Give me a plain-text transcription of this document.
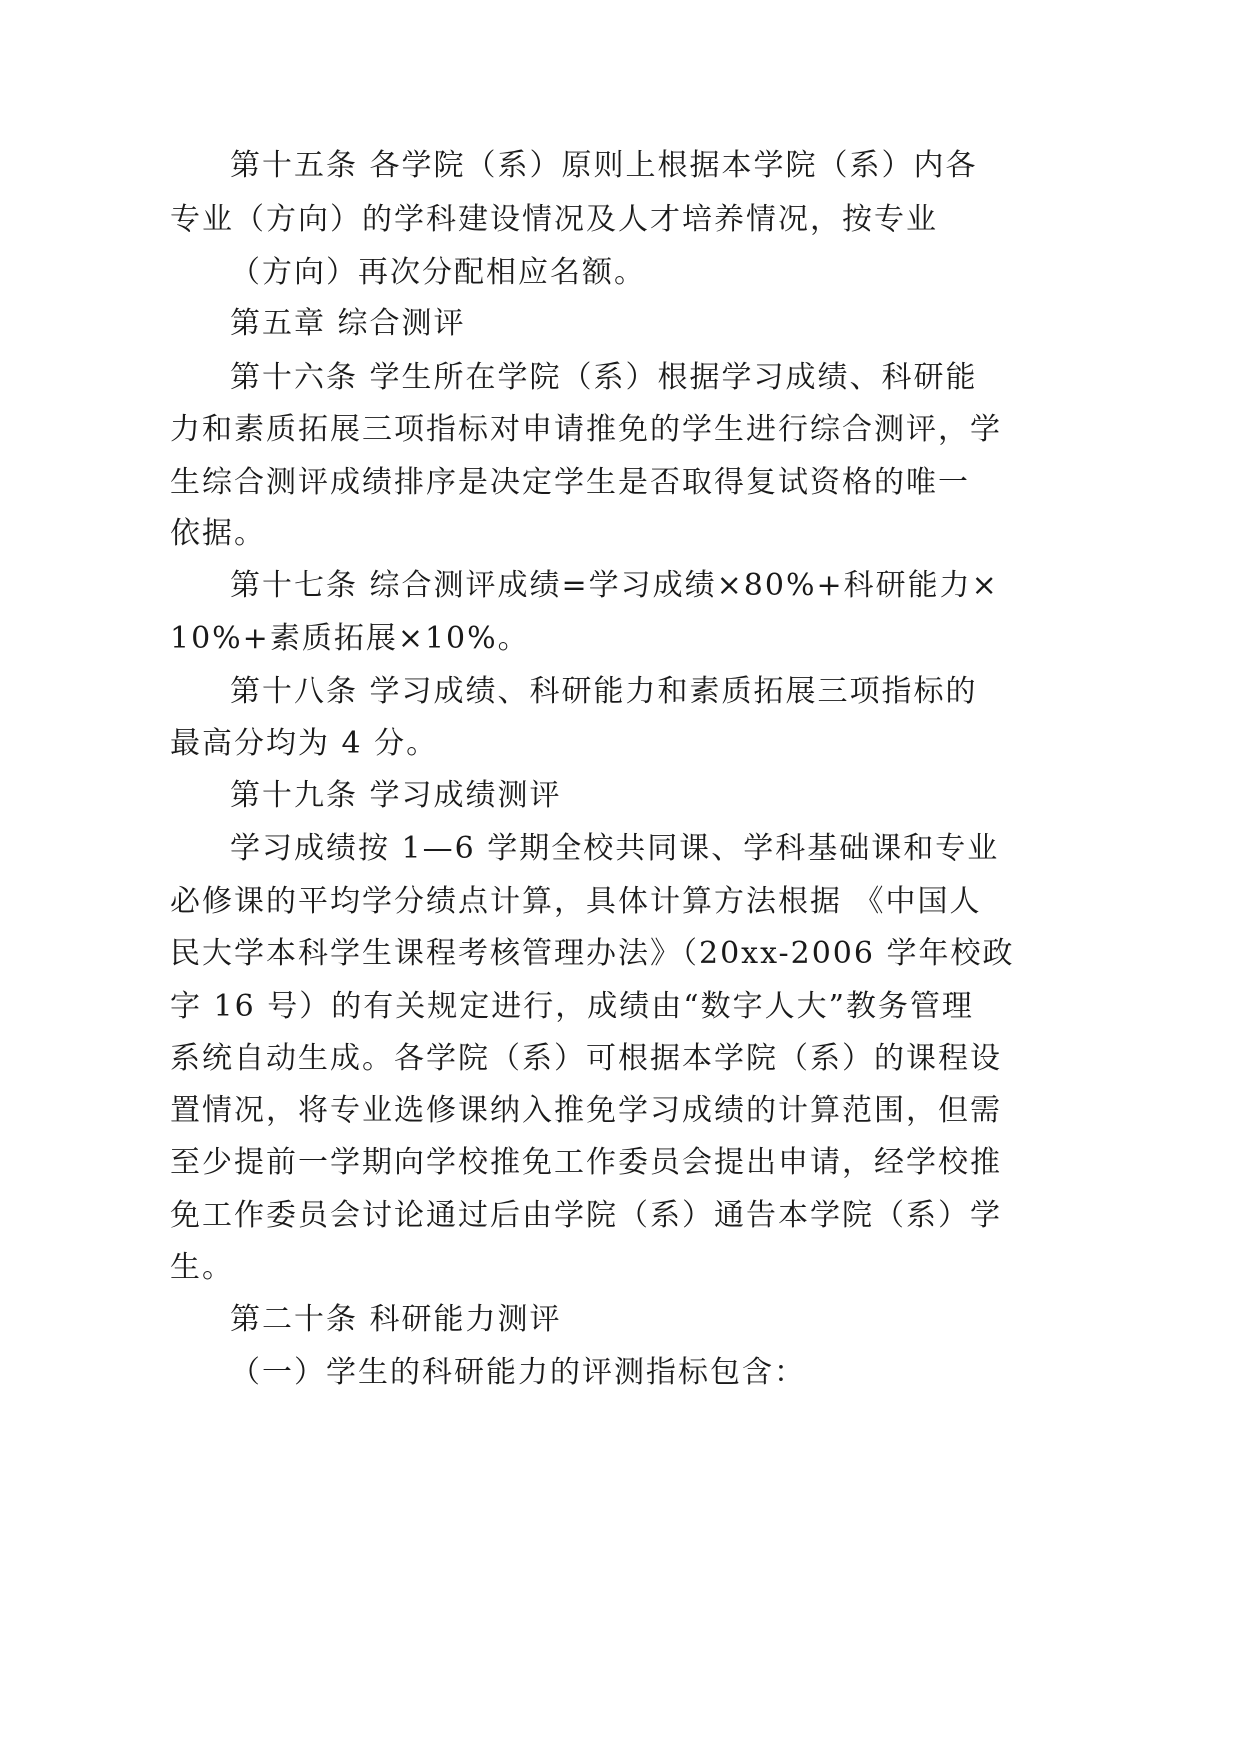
第十五条 各学院（系）原则上根据本学院（系）内各
专业（方向）的学科建设情况及人才培养情况，按专业
（方向）再次分配相应名额。
第五章 综合测评
第十六条 学生所在学院（系）根据学习成绩、科研能
力和素质拓展三项指标对申请推免的学生进行综合测评，学
生综合测评成绩排序是决定学生是否取得复试资格的唯一
依据。
第十七条 综合测评成绩=学习成绩×80%+科研能力×
10%+素质拓展×10%。
第十八条 学习成绩、科研能力和素质拓展三项指标的
最高分均为 4 分。
第十九条 学习成绩测评
学习成绩按 1—6 学期全校共同课、学科基础课和专业
必修课的平均学分绩点计算，具体计算方法根据 《中国人
民大学本科学生课程考核管理办法》（20xx-2006 学年校政
字 16 号）的有关规定进行，成绩由“数字人大”教务管理
系统自动生成。各学院（系）可根据本学院（系）的课程设
置情况，将专业选修课纳入推免学习成绩的计算范围，但需
至少提前一学期向学校推免工作委员会提出申请，经学校推
免工作委员会讨论通过后由学院（系）通告本学院（系）学
生。
第二十条 科研能力测评
（一）学生的科研能力的评测指标包含：
